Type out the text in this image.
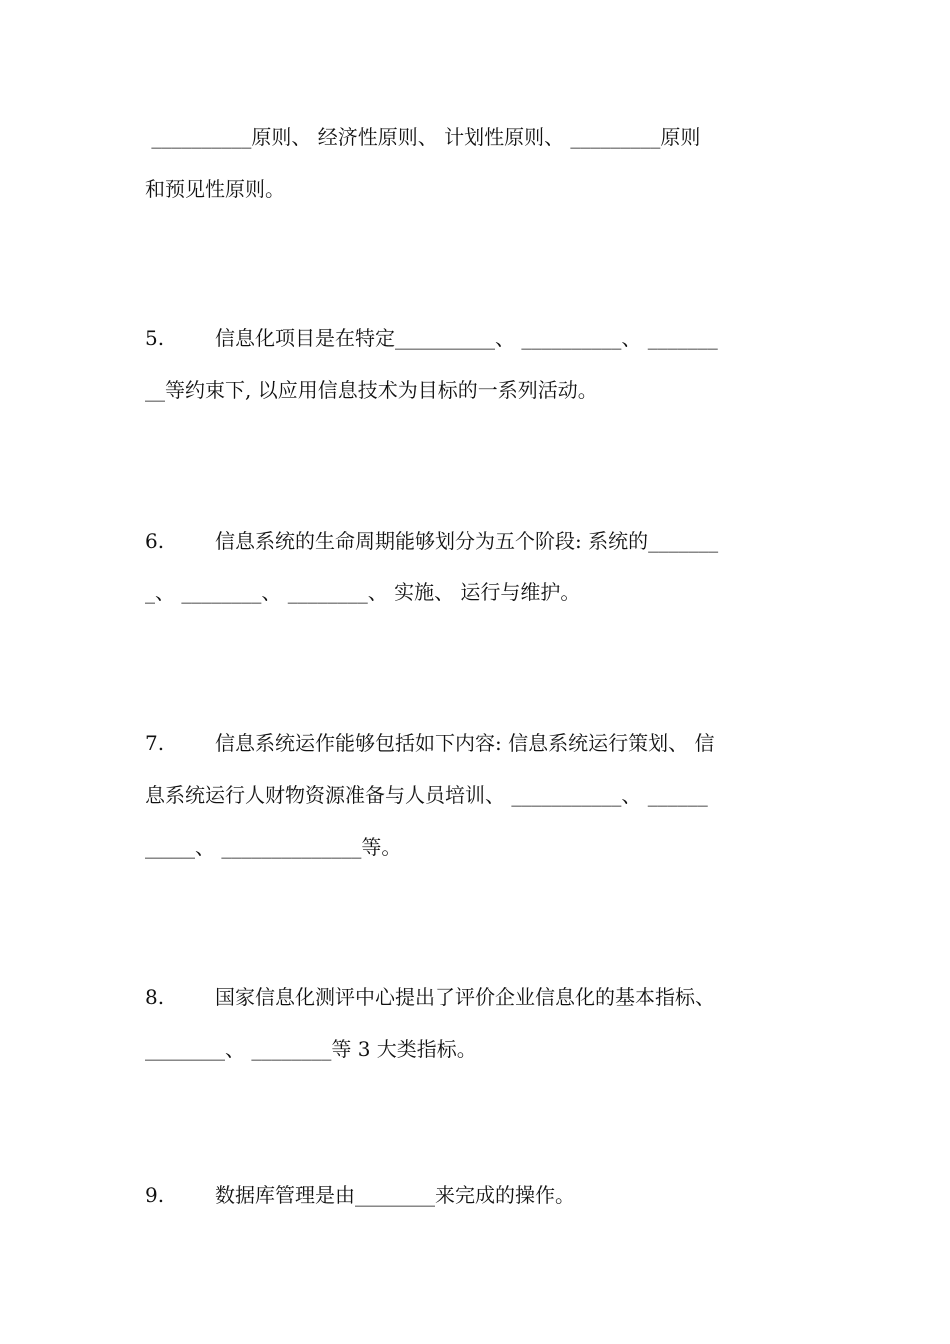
__________原则、 经济性原则、 计划性原则、 _________原则
和预见性原则。
5.	信息化项目是在特定__________、 __________、 _______
__等约束下, 以应用信息技术为目标的一系列活动。
6.	信息系统的生命周期能够划分为五个阶段: 系统的_______
_、 ________、 ________、 实施、 运行与维护。
7.	信息系统运作能够包括如下内容: 信息系统运行策划、 信
息系统运行人财物资源准备与人员培训、 ___________、 ______
_____、 ______________等。
8.	国家信息化测评中心提出了评价企业信息化的基本指标、
________、 ________等 3 大类指标。
9.	数据库管理是由________来完成的操作。
